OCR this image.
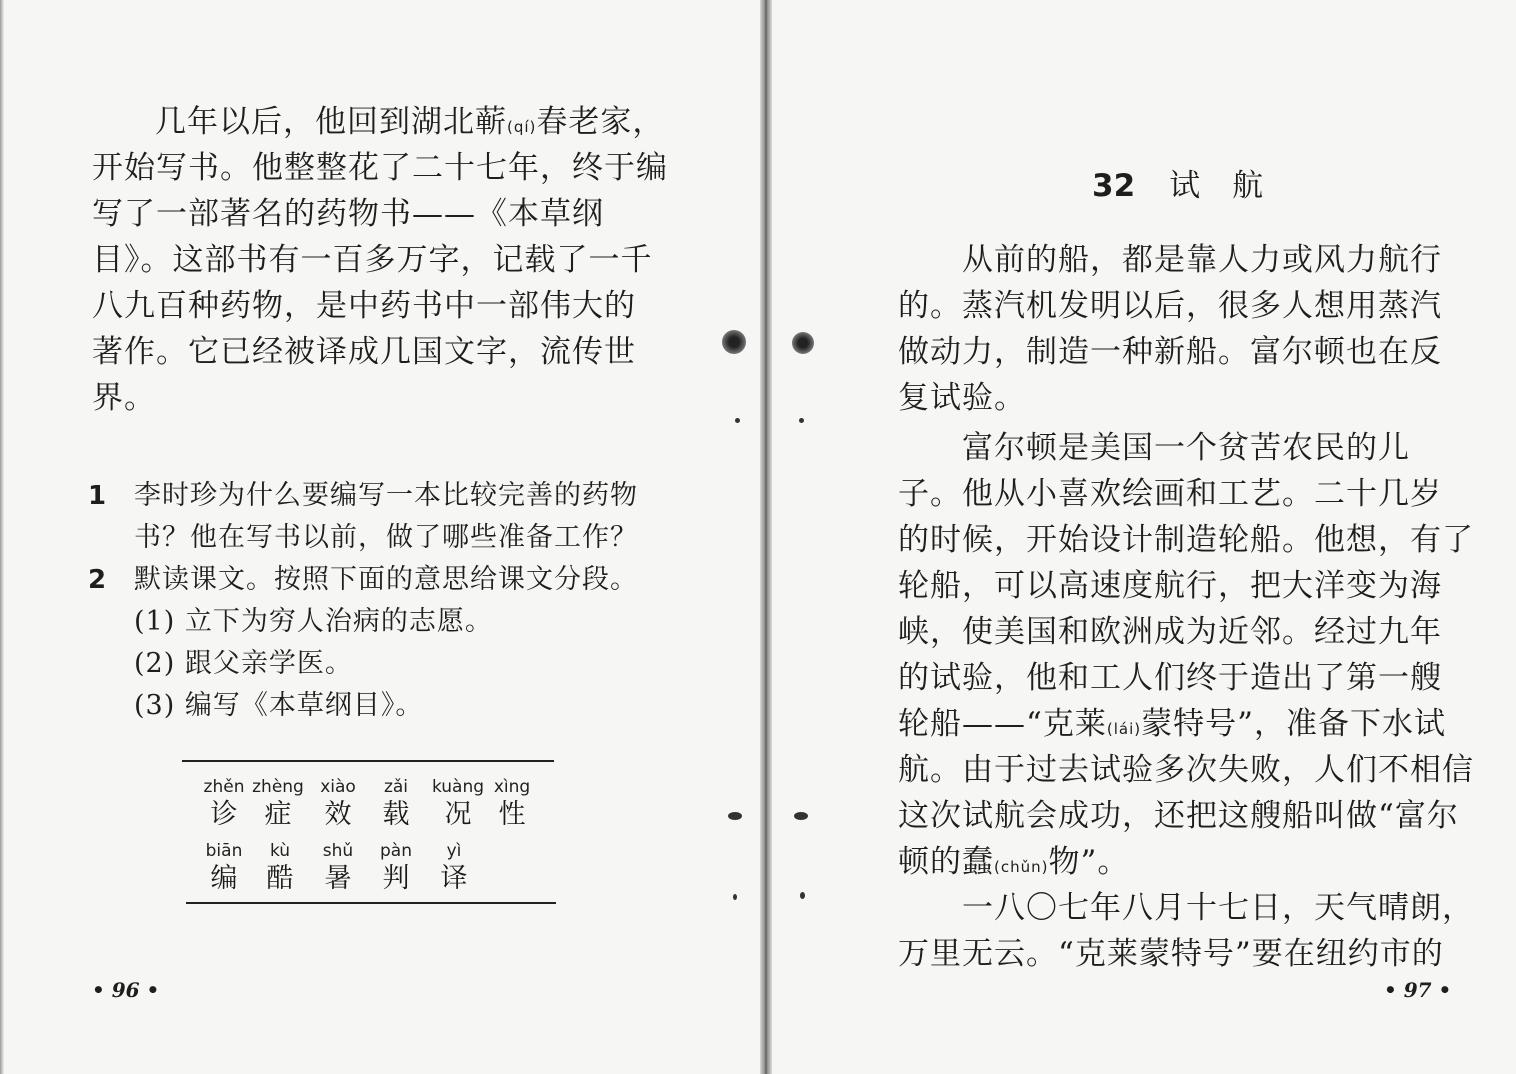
几年以后，他回到湖北蕲(qí)春老家，
开始写书。他整整花了二十七年，终于编
写了一部著名的药物书——《本草纲
目》。这部书有一百多万字，记载了一千
八九百种药物，是中药书中一部伟大的
著作。它已经被译成几国文字，流传世
界。
1 李时珍为什么要编写一本比较完善的药物
书？他在写书以前，做了哪些准备工作？
2 默读课文。按照下面的意思给课文分段。
(1) 立下为穷人治病的志愿。
(2) 跟父亲学医。
(3) 编写《本草纲目》。
zhěn
诊
zhèng
症
xiào
效
zǎi
载
kuàng
况
xìng
性
biān
编
kù
酷
shǔ
暑
pàn
判
yì
译
• 96 •
32 试航
从前的船，都是靠人力或风力航行
的。蒸汽机发明以后，很多人想用蒸汽
做动力，制造一种新船。富尔顿也在反
复试验。
富尔顿是美国一个贫苦农民的儿
子。他从小喜欢绘画和工艺。二十几岁
的时候，开始设计制造轮船。他想，有了
轮船，可以高速度航行，把大洋变为海
峡，使美国和欧洲成为近邻。经过九年
的试验，他和工人们终于造出了第一艘
轮船——“克莱(lái)蒙特号”，准备下水试
航。由于过去试验多次失败，人们不相信
这次试航会成功，还把这艘船叫做“富尔
顿的蠢(chǔn)物”。
一八〇七年八月十七日，天气晴朗，
万里无云。“克莱蒙特号”要在纽约市的
• 97 •
